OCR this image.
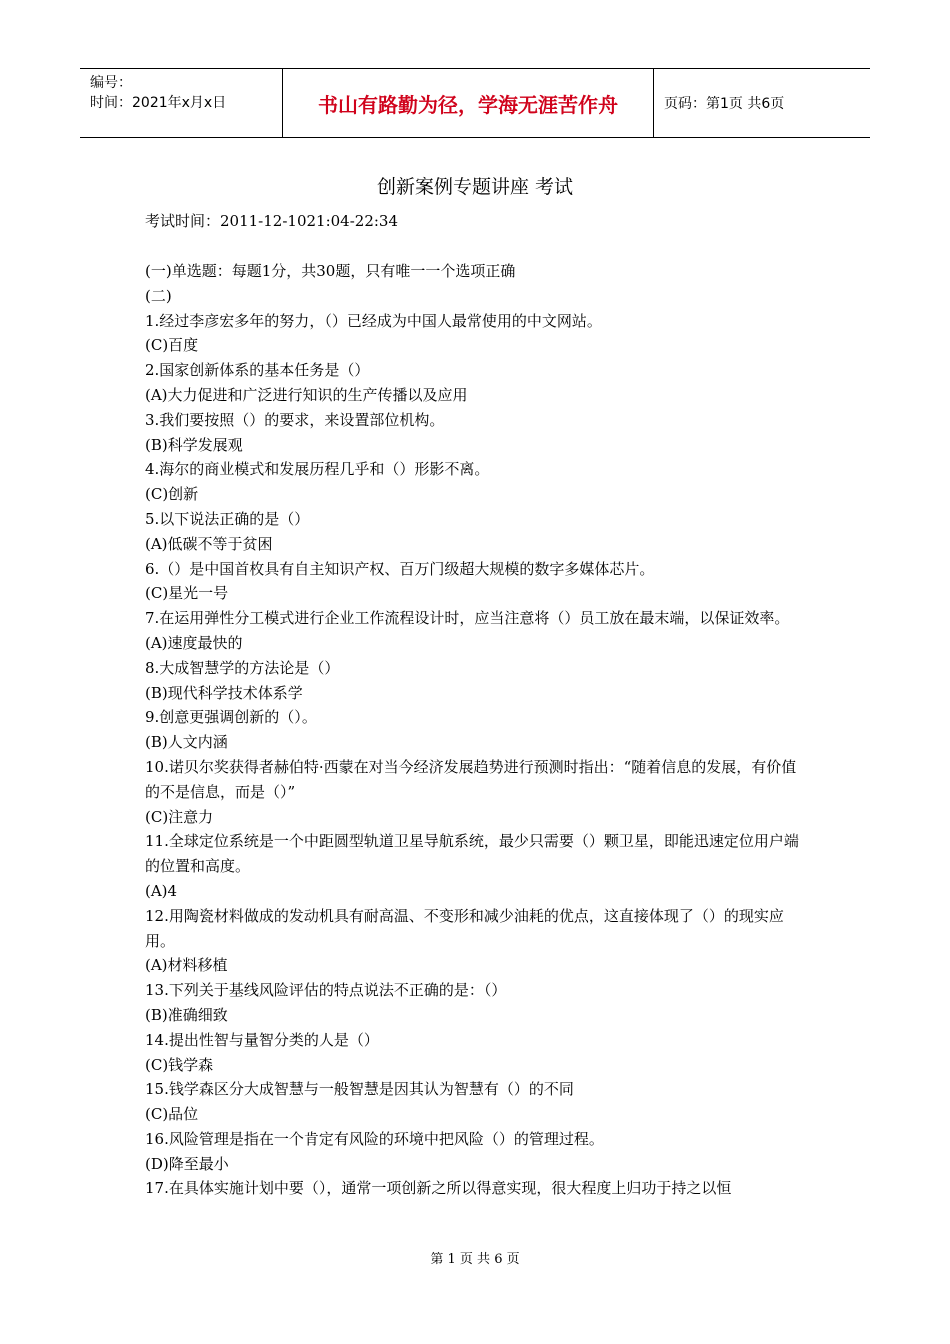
编号：
时间：2021年x月x日	书山有路勤为径，学海无涯苦作舟	页码：第1页 共6页
创新案例专题讲座 考试
考试时间：2011-12-1021:04-22:34

(一)单选题：每题1分，共30题，只有唯一一个选项正确

(二)

1.经过李彦宏多年的努力，（）已经成为中国人最常使用的中文网站。

(C)百度

2.国家创新体系的基本任务是（）

(A)大力促进和广泛进行知识的生产传播以及应用

3.我们要按照（）的要求，来设置部位机构。

(B)科学发展观

4.海尔的商业模式和发展历程几乎和（）形影不离。

(C)创新

5.以下说法正确的是（）

(A)低碳不等于贫困

6.（）是中国首枚具有自主知识产权、百万门级超大规模的数字多媒体芯片。

(C)星光一号

7.在运用弹性分工模式进行企业工作流程设计时，应当注意将（）员工放在最末端，以保证效率。

(A)速度最快的

8.大成智慧学的方法论是（）

(B)现代科学技术体系学

9.创意更强调创新的（）。

(B)人文内涵

10.诺贝尔奖获得者赫伯特·西蒙在对当今经济发展趋势进行预测时指出：“随着信息的发展，有价值的不是信息，而是（）”

(C)注意力

11.全球定位系统是一个中距圆型轨道卫星导航系统，最少只需要（）颗卫星，即能迅速定位用户端的位置和高度。

(A)4

12.用陶瓷材料做成的发动机具有耐高温、不变形和减少油耗的优点，这直接体现了（）的现实应用。

(A)材料移植

13.下列关于基线风险评估的特点说法不正确的是：（）

(B)准确细致

14.提出性智与量智分类的人是（）

(C)钱学森

15.钱学森区分大成智慧与一般智慧是因其认为智慧有（）的不同

(C)品位

16.风险管理是指在一个肯定有风险的环境中把风险（）的管理过程。

(D)降至最小

17.在具体实施计划中要（），通常一项创新之所以得意实现，很大程度上归功于持之以恒

第 1 页 共 6 页
